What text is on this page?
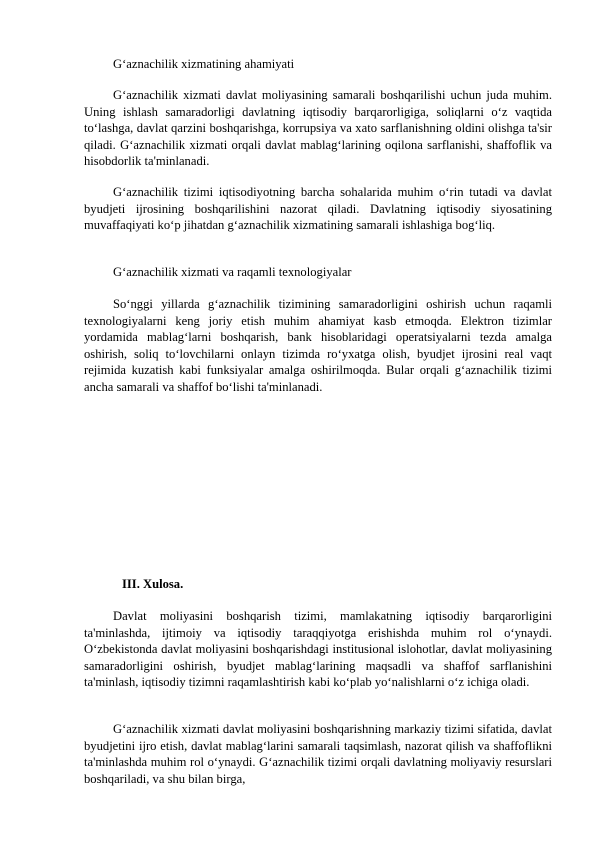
G‘aznachilik xizmatining ahamiyati

G‘aznachilik xizmati davlat moliyasining samarali boshqarilishi uchun juda muhim. Uning ishlash samaradorligi davlatning iqtisodiy barqarorligiga, soliqlarni o‘z vaqtida to‘lashga, davlat qarzini boshqarishga, korrupsiya va xato sarflanishning oldini olishga ta'sir qiladi. G‘aznachilik xizmati orqali davlat mablag‘larining oqilona sarflanishi, shaffoflik va hisobdorlik ta'minlanadi.

G‘aznachilik tizimi iqtisodiyotning barcha sohalarida muhim o‘rin tutadi va davlat byudjeti ijrosining boshqarilishini nazorat qiladi. Davlatning iqtisodiy siyosatining muvaffaqiyati ko‘p jihatdan g‘aznachilik xizmatining samarali ishlashiga bog‘liq.

G‘aznachilik xizmati va raqamli texnologiyalar

So‘nggi yillarda g‘aznachilik tizimining samaradorligini oshirish uchun raqamli texnologiyalarni keng joriy etish muhim ahamiyat kasb etmoqda. Elektron tizimlar yordamida mablag‘larni boshqarish, bank hisoblaridagi operatsiyalarni tezda amalga oshirish, soliq to‘lovchilarni onlayn tizimda ro‘yxatga olish, byudjet ijrosini real vaqt rejimida kuzatish kabi funksiyalar amalga oshirilmoqda. Bular orqali g‘aznachilik tizimi ancha samarali va shaffof bo‘lishi ta'minlanadi.

III. Xulosa.

Davlat moliyasini boshqarish tizimi, mamlakatning iqtisodiy barqarorligini ta'minlashda, ijtimoiy va iqtisodiy taraqqiyotga erishishda muhim rol o‘ynaydi. O‘zbekistonda davlat moliyasini boshqarishdagi institusional islohotlar, davlat moliyasining samaradorligini oshirish, byudjet mablag‘larining maqsadli va shaffof sarflanishini ta'minlash, iqtisodiy tizimni raqamlashtirish kabi ko‘plab yo‘nalishlarni o‘z ichiga oladi.

G‘aznachilik xizmati davlat moliyasini boshqarishning markaziy tizimi sifatida, davlat byudjetini ijro etish, davlat mablag‘larini samarali taqsimlash, nazorat qilish va shaffoflikni ta'minlashda muhim rol o‘ynaydi. G‘aznachilik tizimi orqali davlatning moliyaviy resurslari boshqariladi, va shu bilan birga,
